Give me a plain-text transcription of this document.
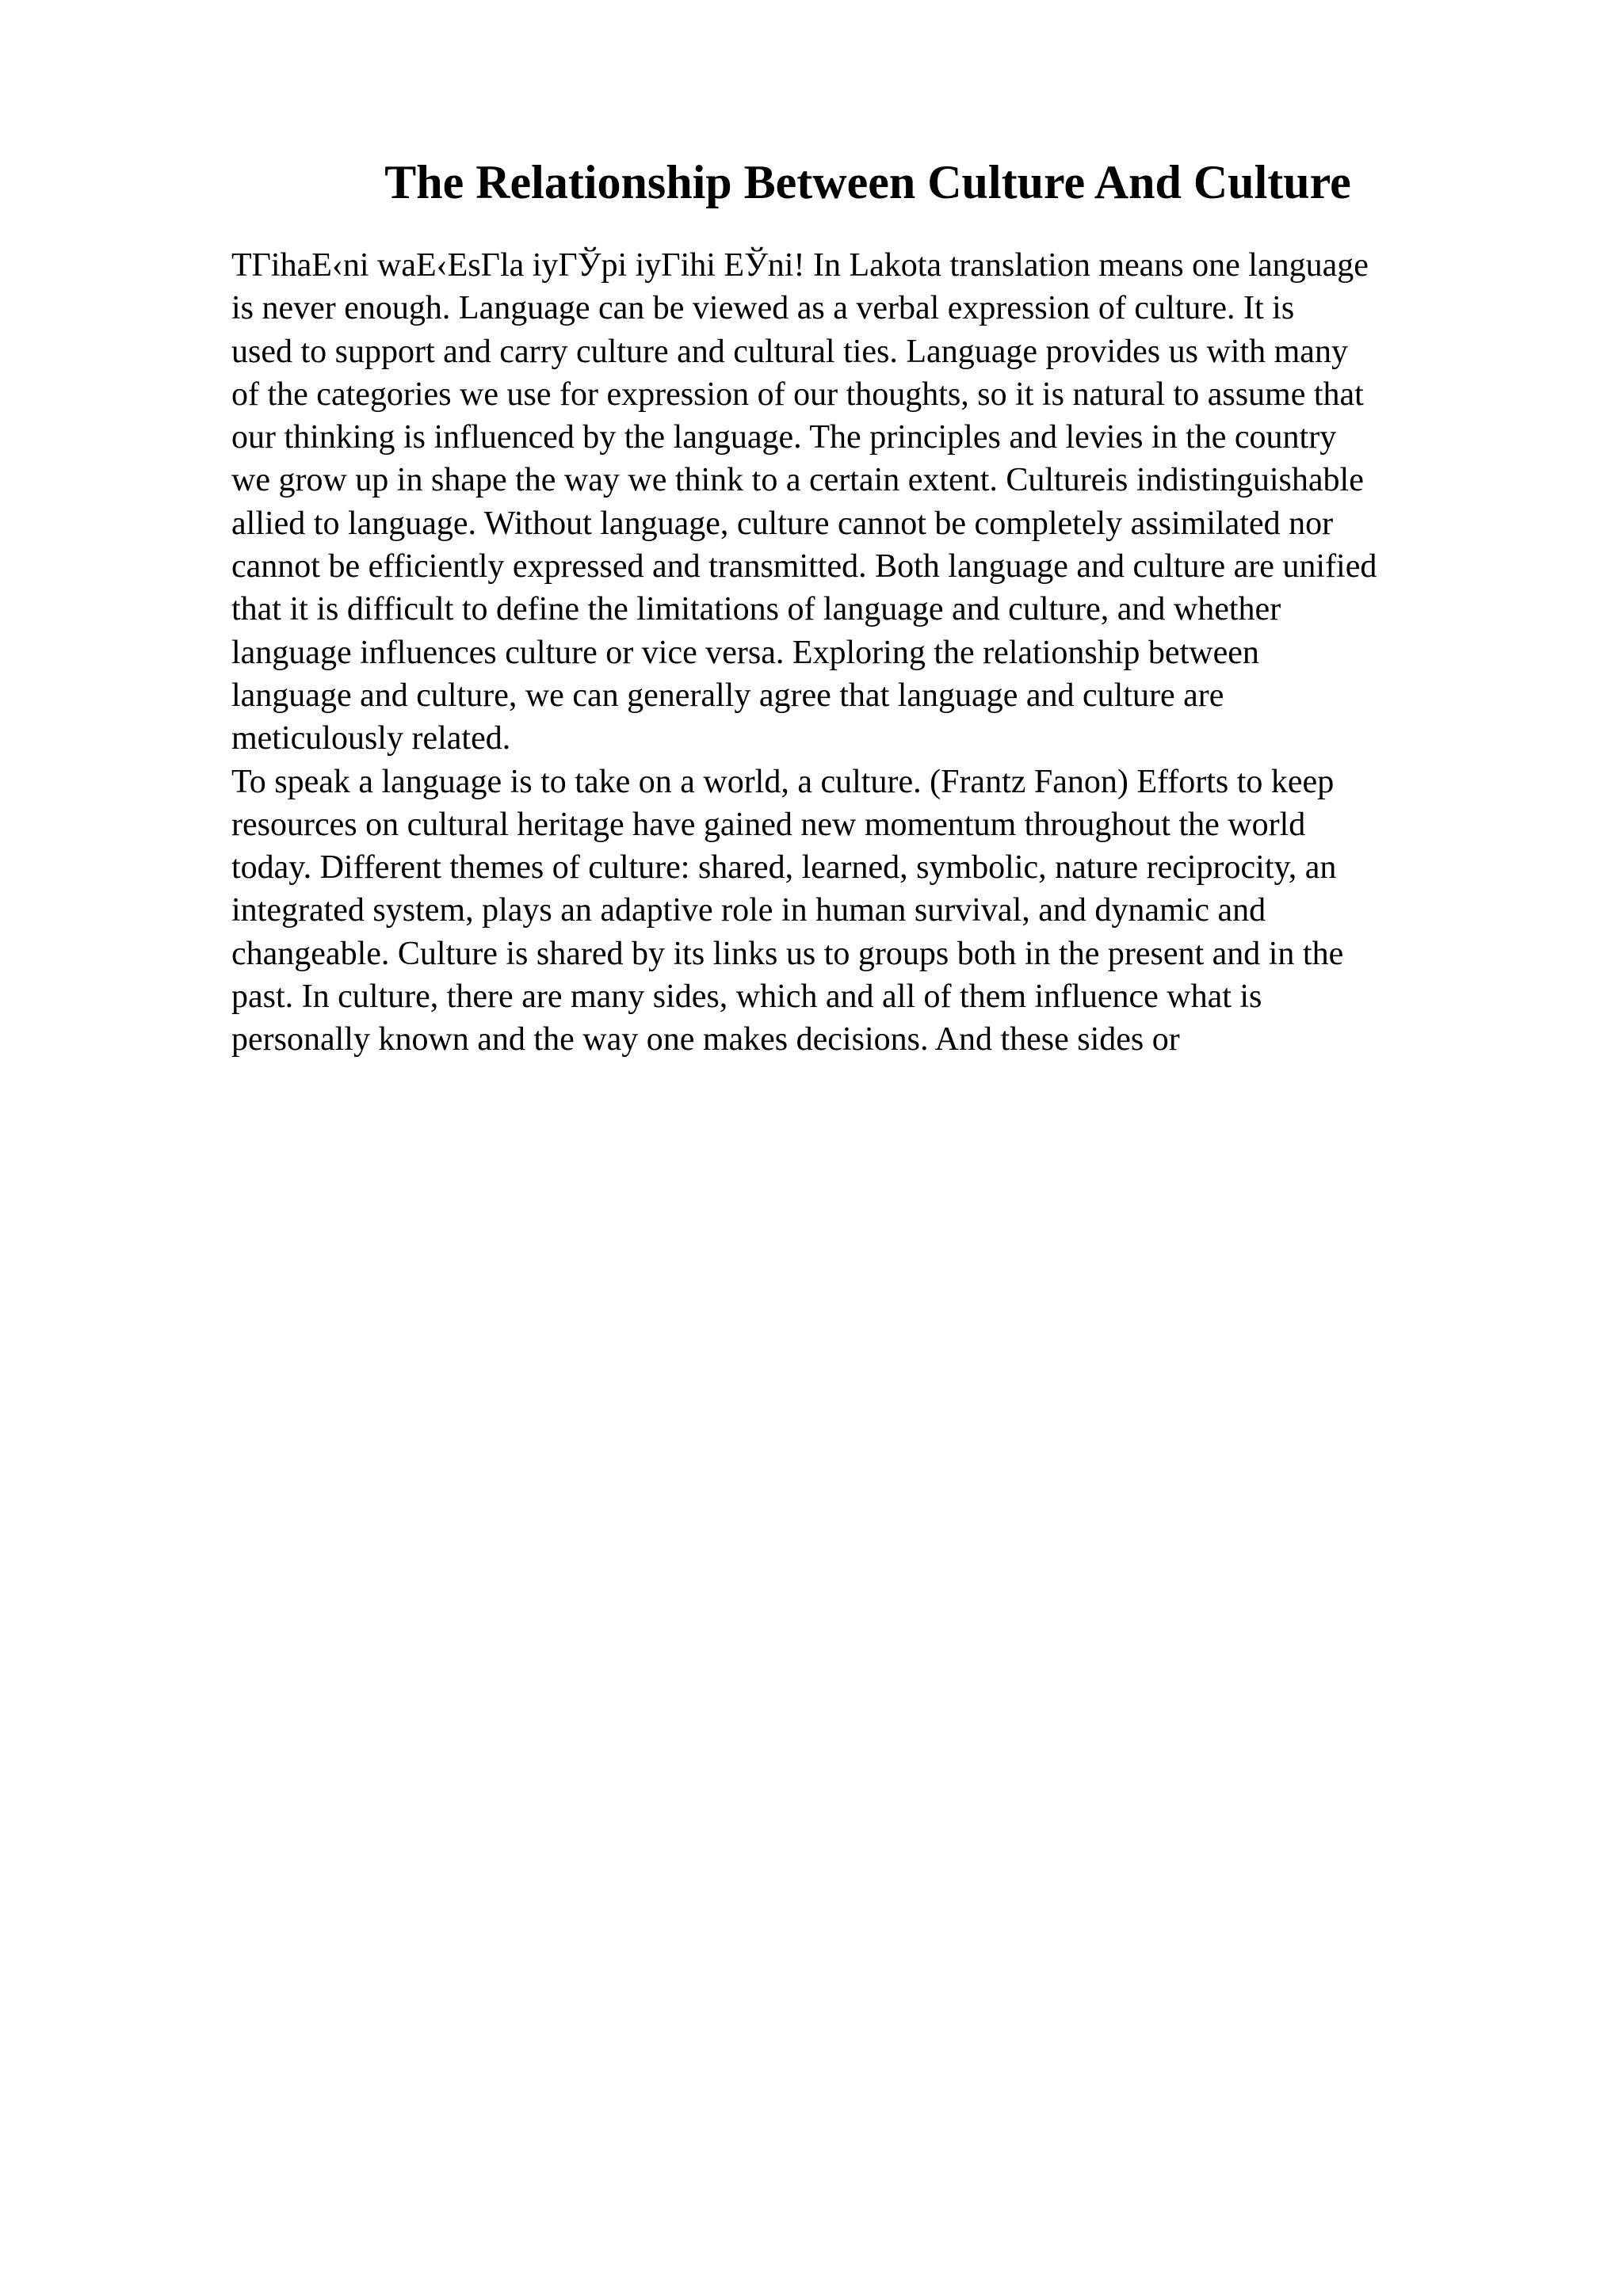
The Relationship Between Culture And Culture
TГihaE‹ni waE‹EsГla iyГЎpi iyГihi EЎni! In Lakota translation means one language
is never enough. Language can be viewed as a verbal expression of culture. It is
used to support and carry culture and cultural ties. Language provides us with many
of the categories we use for expression of our thoughts, so it is natural to assume that
our thinking is influenced by the language. The principles and levies in the country
we grow up in shape the way we think to a certain extent. Cultureis indistinguishable
allied to language. Without language, culture cannot be completely assimilated nor
cannot be efficiently expressed and transmitted. Both language and culture are unified
that it is difficult to define the limitations of language and culture, and whether
language influences culture or vice versa. Exploring the relationship between
language and culture, we can generally agree that language and culture are
meticulously related.
To speak a language is to take on a world, a culture. (Frantz Fanon) Efforts to keep
resources on cultural heritage have gained new momentum throughout the world
today. Different themes of culture: shared, learned, symbolic, nature reciprocity, an
integrated system, plays an adaptive role in human survival, and dynamic and
changeable. Culture is shared by its links us to groups both in the present and in the
past. In culture, there are many sides, which and all of them influence what is
personally known and the way one makes decisions. And these sides or
